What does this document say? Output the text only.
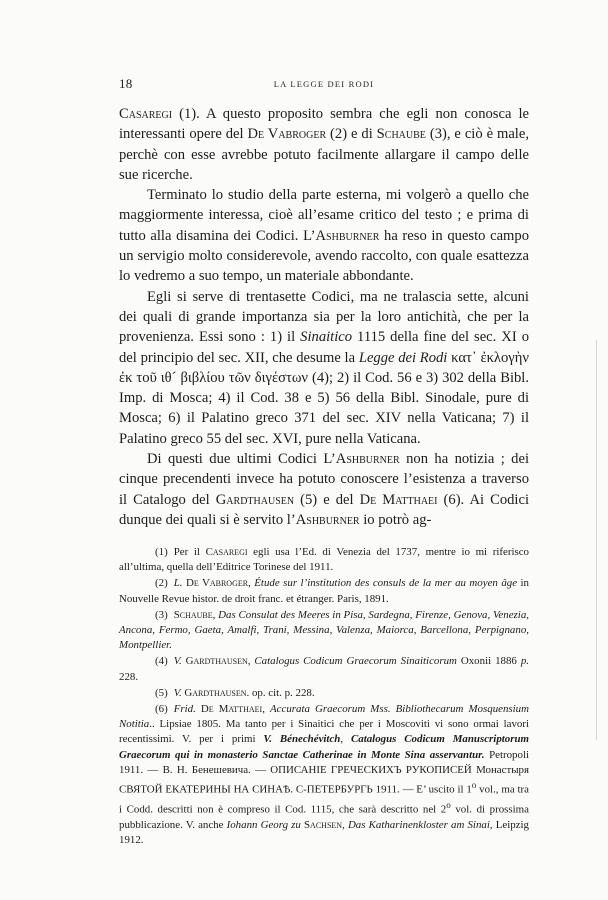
18	LA LEGGE DEI RODI

Casaregi (1). A questo proposito sembra che egli non conosca le interessanti opere del De Vabroger (2) e di Schaube (3), e ciò è male, perchè con esse avrebbe potuto facilmente allargare il campo delle sue ricerche.

Terminato lo studio della parte esterna, mi volgerò a quello che maggiormente interessa, cioè all’esame critico del testo ; e prima di tutto alla disamina dei Codici. L’Ashburner ha reso in questo campo un servigio molto considerevole, avendo raccolto, con quale esattezza lo vedremo a suo tempo, un materiale abbondante.

Egli si serve di trentasette Codici, ma ne tralascia sette, alcuni dei quali di grande importanza sia per la loro antichità, che per la provenienza. Essi sono : 1) il Sinaitico 1115 della fine del sec. XI o del principio del sec. XII, che desume la Legge dei Rodi κατ᾽ ἐκλογὴν ἐκ τοῦ ιθ´ βιβλίου τῶν διγέστων (4); 2) il Cod. 56 e 3) 302 della Bibl. Imp. di Mosca; 4) il Cod. 38 e 5) 56 della Bibl. Sinodale, pure di Mosca; 6) il Palatino greco 371 del sec. XIV nella Vaticana; 7) il Palatino greco 55 del sec. XVI, pure nella Vaticana.

Di questi due ultimi Codici L’Ashburner non ha notizia ; dei cinque precendenti invece ha potuto conoscere l’esistenza a traverso il Catalogo del Gardthausen (5) e del De Matthaei (6). Ai Codici dunque dei quali si è servito l’Ashburner io potrò ag-

(1) Per il Casaregi egli usa l’Ed. di Venezia del 1737, mentre io mi riferisco all’ultima, quella dell’Editrice Torinese del 1911.

(2) L. De Vabroger, Étude sur l’institution des consuls de la mer au moyen âge in Nouvelle Revue histor. de droit franc. et étranger. Paris, 1891.

(3) Schaube, Das Consulat des Meeres in Pisa, Sardegna, Firenze, Genova, Venezia, Ancona, Fermo, Gaeta, Amalfi, Trani, Messina, Valenza, Maiorca, Barcellona, Perpignano, Montpellier.

(4) V. Gardthausen, Catalogus Codicum Graecorum Sinaiticorum Oxonii 1886 p. 228.

(5) V. Gardthausen. op. cit. p. 228.

(6) Frid. De Matthaei, Accurata Graecorum Mss. Bibliothecarum Mosquensium Notitia.. Lipsiae 1805. Ma tanto per i Sinaitici che per i Moscoviti vi sono ormai lavori recentissimi. V. per i primi V. Bénechévitch, Catalogus Codicum Manuscriptorum Graecorum qui in monasterio Sanctae Catherinae in Monte Sina asservantur. Petropoli 1911. — В. Н. Бенешевича. — ОПИСАНІЕ ГРЕЧЕСКИХЪ РУКОПИСЕЙ Монастыря СВЯТОЙ ЕКАТЕРИНЫ НА СИНАѢ. С-ПЕТЕРБУРГЬ 1911. — E’ uscito il 1$^o$ vol., ma tra i Codd. descritti non è compreso il Cod. 1115, che sarà descritto nel 2$^o$ vol. di prossima pubblicazione. V. anche Iohann Georg zu Sachsen, Das Katharinenkloster am Sinai, Leipzig 1912.
